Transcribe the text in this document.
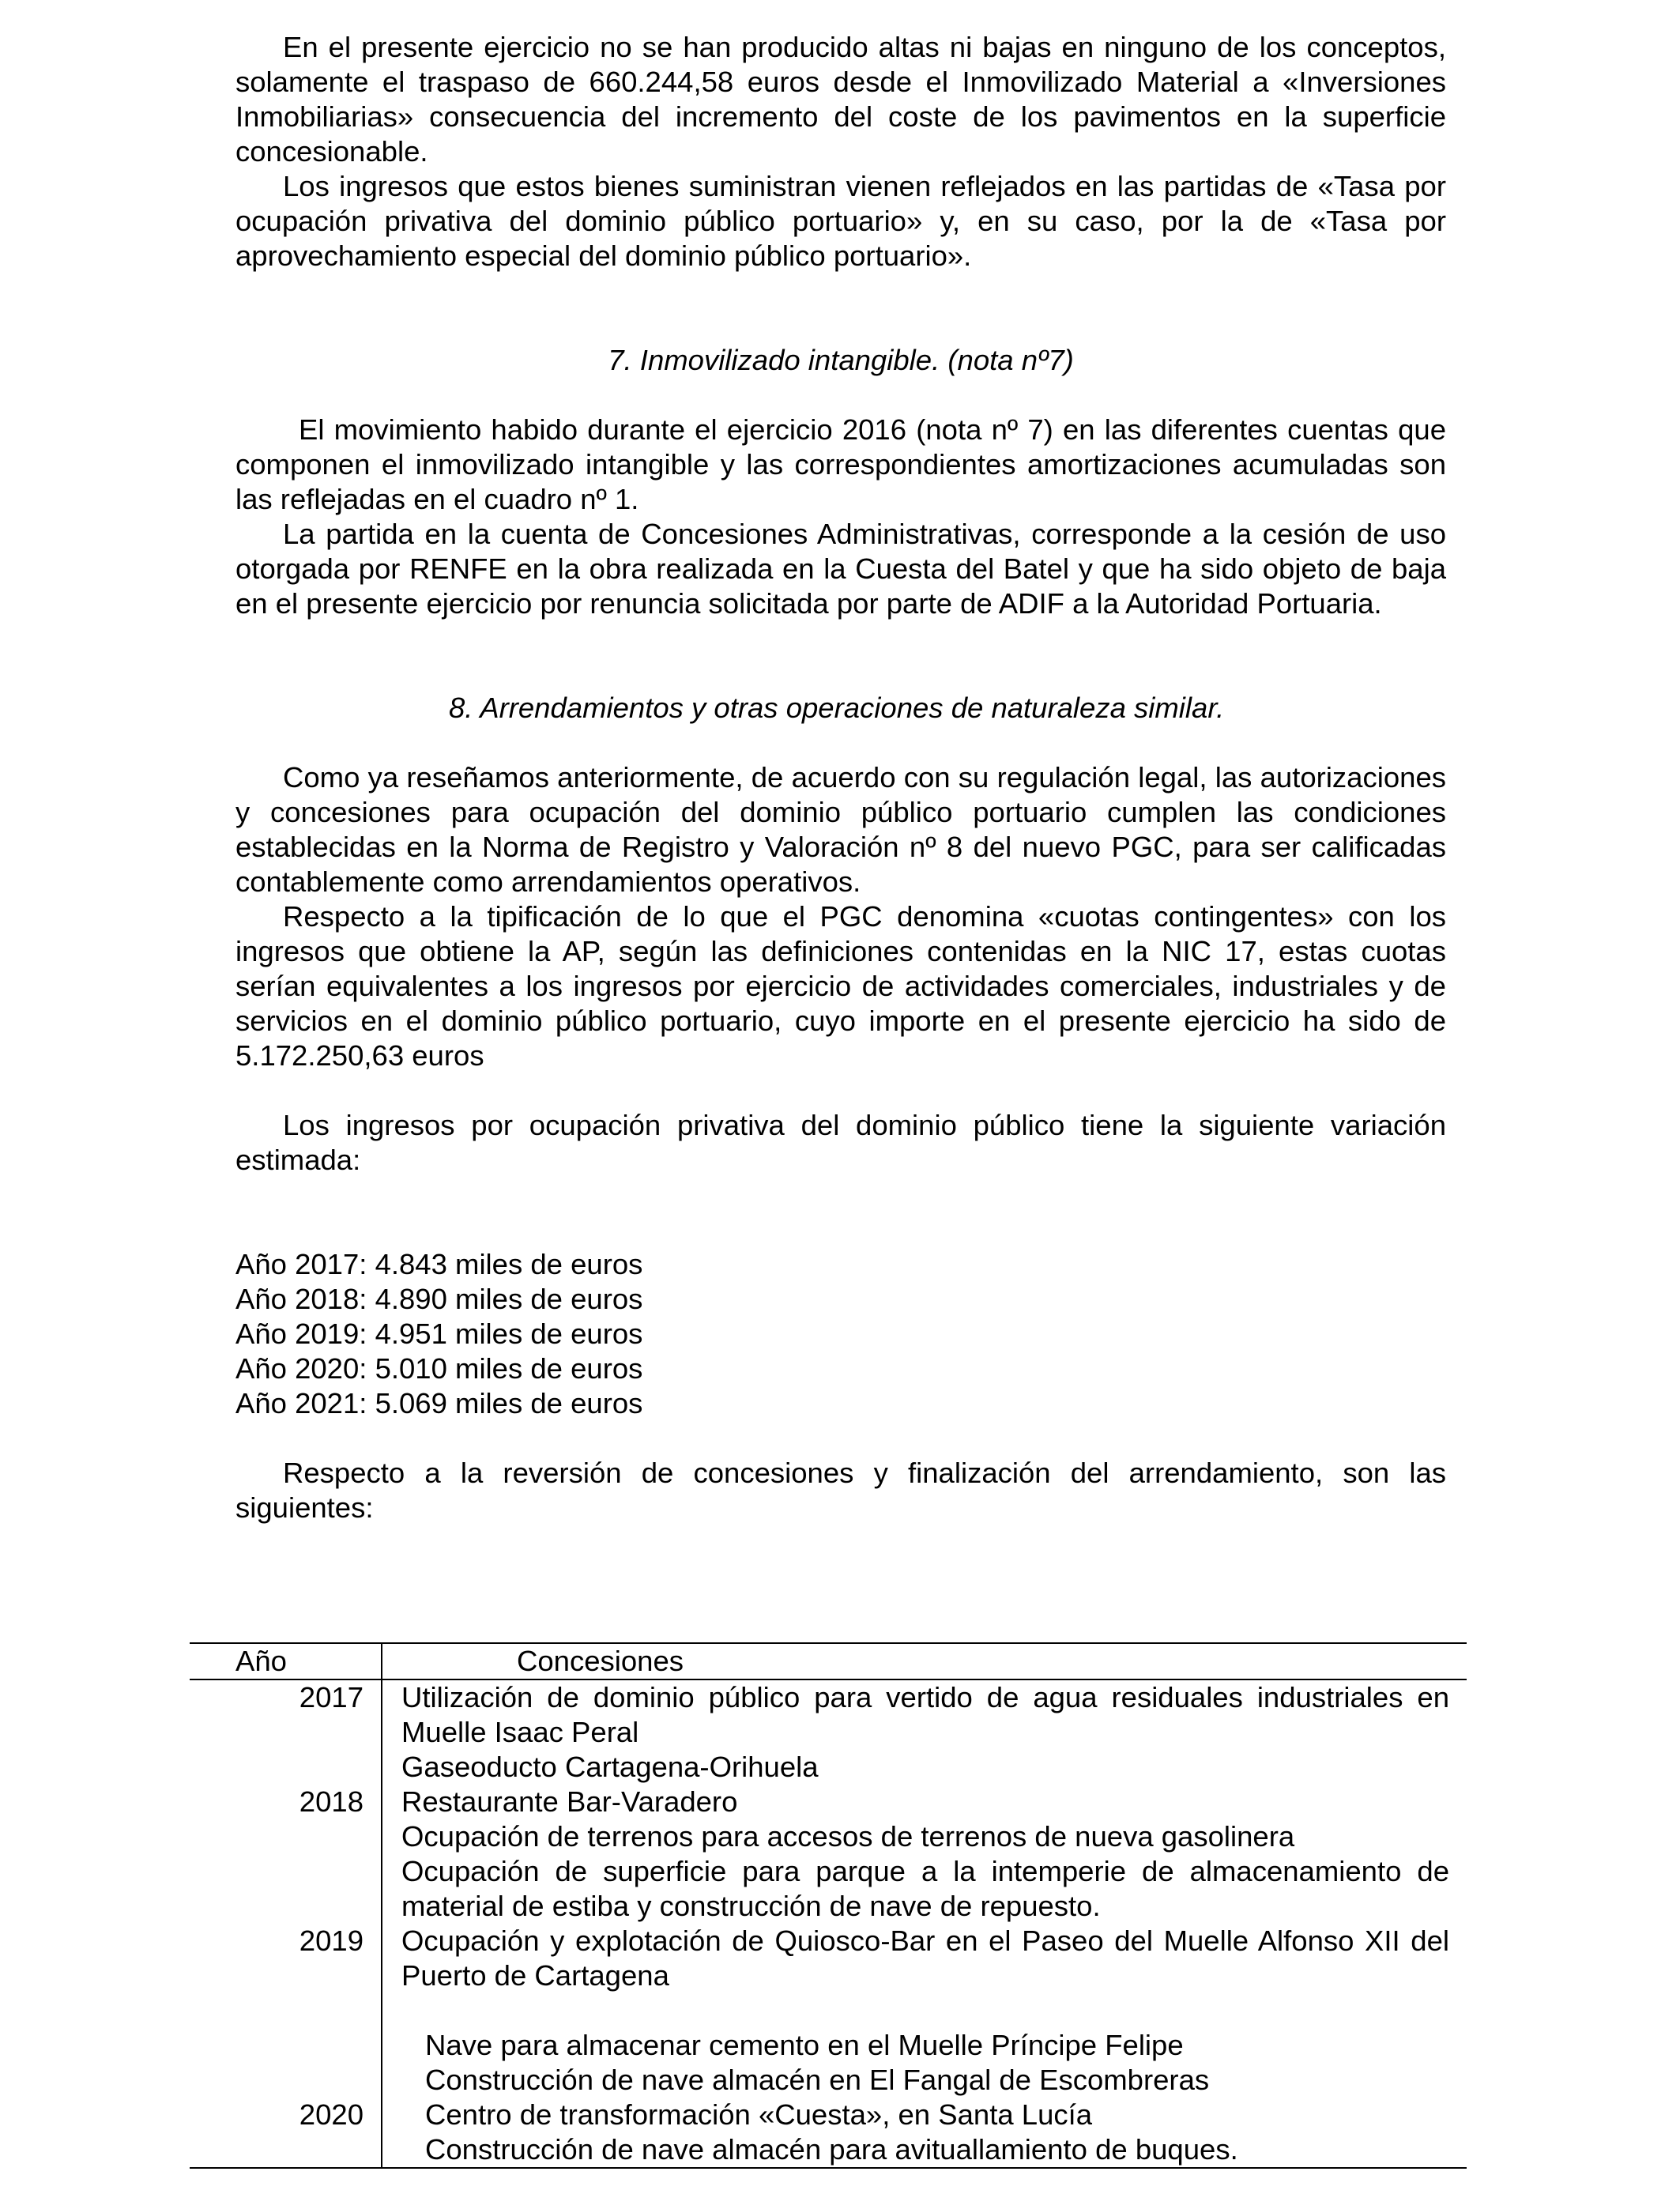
En el presente ejercicio no se han producido altas ni bajas en ninguno de los conceptos, solamente el traspaso de 660.244,58 euros desde el Inmovilizado Material a «Inversiones Inmobiliarias» consecuencia del incremento del coste de los pavimentos en la superficie concesionable.

Los ingresos que estos bienes suministran vienen reflejados en las partidas de «Tasa por ocupación privativa del dominio público portuario» y, en su caso, por la de «Tasa por aprovechamiento especial del dominio público portuario».

7. Inmovilizado intangible. (nota nº7)

El movimiento habido durante el ejercicio 2016 (nota nº 7) en las diferentes cuentas que componen el inmovilizado intangible y las correspondientes amortizaciones acumuladas son las reflejadas en el cuadro nº 1.

La partida en la cuenta de Concesiones Administrativas, corresponde a la cesión de uso otorgada por RENFE en la obra realizada en la Cuesta del Batel y que ha sido objeto de baja en el presente ejercicio por renuncia solicitada por parte de ADIF a la Autoridad Portuaria.

8. Arrendamientos y otras operaciones de naturaleza similar.

Como ya reseñamos anteriormente, de acuerdo con su regulación legal, las autorizaciones y concesiones para ocupación del dominio público portuario cumplen las condiciones establecidas en la Norma de Registro y Valoración nº 8 del nuevo PGC, para ser calificadas contablemente como arrendamientos operativos.

Respecto a la tipificación de lo que el PGC denomina «cuotas contingentes» con los ingresos que obtiene la AP, según las definiciones contenidas en la NIC 17, estas cuotas serían equivalentes a los ingresos por ejercicio de actividades comerciales, industriales y de servicios en el dominio público portuario, cuyo importe en el presente ejercicio ha sido de 5.172.250,63 euros

Los ingresos por ocupación privativa del dominio público tiene la siguiente variación estimada:

Año 2017: 4.843 miles de euros
Año 2018: 4.890 miles de euros
Año 2019: 4.951 miles de euros
Año 2020: 5.010 miles de euros
Año 2021: 5.069 miles de euros

Respecto a la reversión de concesiones y finalización del arrendamiento, son las siguientes:

Año	Concesiones
2017	Utilización de dominio público para vertido de agua residuales industriales en Muelle Isaac Peral
	Gaseoducto Cartagena-Orihuela
2018	Restaurante Bar-Varadero
	Ocupación de terrenos para accesos de terrenos de nueva gasolinera
	Ocupación de superficie para parque a la intemperie de almacenamiento de material de estiba y construcción de nave de repuesto.
2019	Ocupación y explotación de Quiosco-Bar en el Paseo del Muelle Alfonso XII del Puerto de Cartagena

	Nave para almacenar cemento en el Muelle Príncipe Felipe
	Construcción de nave almacén en El Fangal de Escombreras
2020	Centro de transformación «Cuesta», en Santa Lucía
	Construcción de nave almacén para avituallamiento de buques.
